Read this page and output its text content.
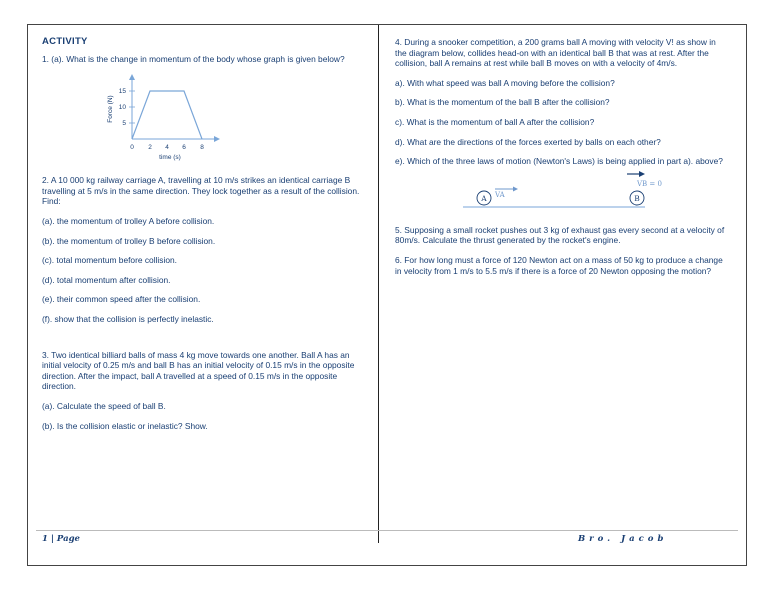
ACTIVITY

1. (a). What is the change in momentum of the body whose graph is given below?

15
10
5
0 2 4 6 8
time (s)
Force (N)

2. A 10 000 kg railway carriage A, travelling at 10 m/s strikes an identical carriage B travelling at 5 m/s in the same direction. They lock together as a result of the collision. Find:

(a). the momentum of trolley A before collision.

(b). the momentum of trolley B before collision.

(c). total momentum before collision.

(d). total momentum after collision.

(e). their common speed after the collision.

(f). show that the collision is perfectly inelastic.

3. Two identical billiard balls of mass 4 kg move towards one another. Ball A has an initial velocity of 0.25 m/s and ball B has an initial velocity of 0.15 m/s in the opposite direction. After the impact, ball A travelled at a speed of 0.15 m/s in the opposite direction.

(a). Calculate the speed of ball B.

(b). Is the collision elastic or inelastic? Show.

4. During a snooker competition, a 200 grams ball A moving with velocity V! as show in the diagram below, collides head-on with an identical ball B that was at rest. After the collision, ball A remains at rest while ball B moves on with a velocity of 4m/s.

a). With what speed was ball A moving before the collision?

b). What is the momentum of the ball B after the collision?

c). What is the momentum of ball A after the collision?

d). What are the directions of the forces exerted by balls on each other?

e). Which of the three laws of motion (Newton's Laws) is being applied in part a). above?

A VA
VB = 0
B

5. Supposing a small rocket pushes out 3 kg of exhaust gas every second at a velocity of 80m/s. Calculate the thrust generated by the rocket's engine.

6. For how long must a force of 120 Newton act on a mass of 50 kg to produce a change in velocity from 1 m/s to 5.5 m/s if there is a force of 20 Newton opposing the motion?

1 | Page	Bro. Jacob
